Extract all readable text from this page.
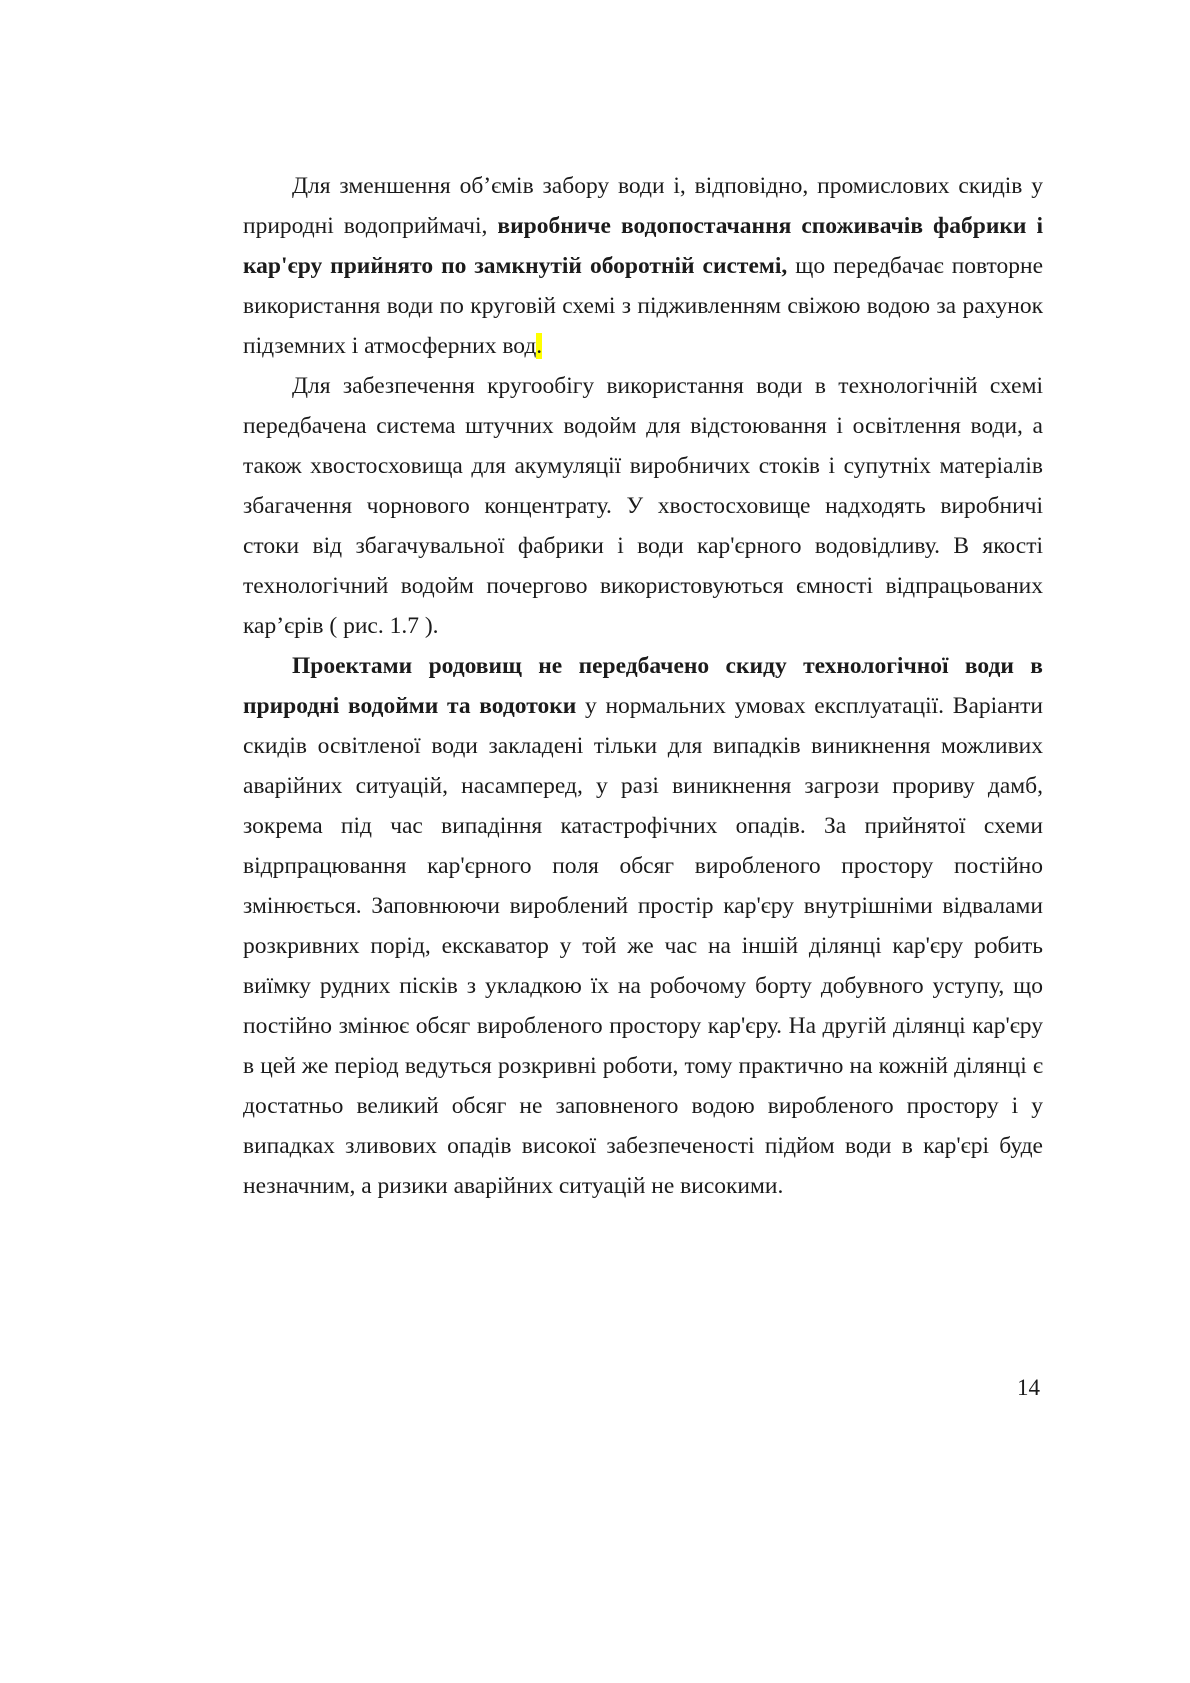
Для зменшення об’ємів забору води і, відповідно, промислових скидів у природні водоприймачі, виробниче водопостачання споживачів фабрики і кар'єру прийнято по замкнутій оборотній системі, що передбачає повторне використання води по круговій схемі з підживленням свіжою водою за рахунок підземних і атмосферних вод.

Для забезпечення кругообігу використання води в технологічній схемі передбачена система штучних водойм для відстоювання і освітлення води, а також хвостосховища для акумуляції виробничих стоків і супутніх матеріалів збагачення чорнового концентрату. У хвостосховище надходять виробничі стоки від збагачувальної фабрики і води кар'єрного водовідливу. В якості технологічний водойм почергово використовуються ємності відпрацьованих кар’єрів ( рис. 1.7 ).

Проектами родовищ не передбачено скиду технологічної води в природні водойми та водотоки у нормальних умовах експлуатації. Варіанти скидів освітленої води закладені тільки для випадків виникнення можливих аварійних ситуацій, насамперед, у разі виникнення загрози прориву дамб, зокрема під час випадіння катастрофічних опадів. За прийнятої схеми відрпрацювання кар'єрного поля обсяг виробленого простору постійно змінюється. Заповнюючи вироблений простір кар'єру внутрішніми відвалами розкривних порід, екскаватор у той же час на іншій ділянці кар'єру робить виїмку рудних пісків з укладкою їх на робочому борту добувного уступу, що постійно змінює обсяг виробленого простору кар'єру. На другій ділянці кар'єру в цей же період ведуться розкривні роботи, тому практично на кожній ділянці є достатньо великий обсяг не заповненого водою виробленого простору і у випадках зливових опадів високої забезпеченості підйом води в кар'єрі буде незначним, а ризики аварійних ситуацій не високими.

14
